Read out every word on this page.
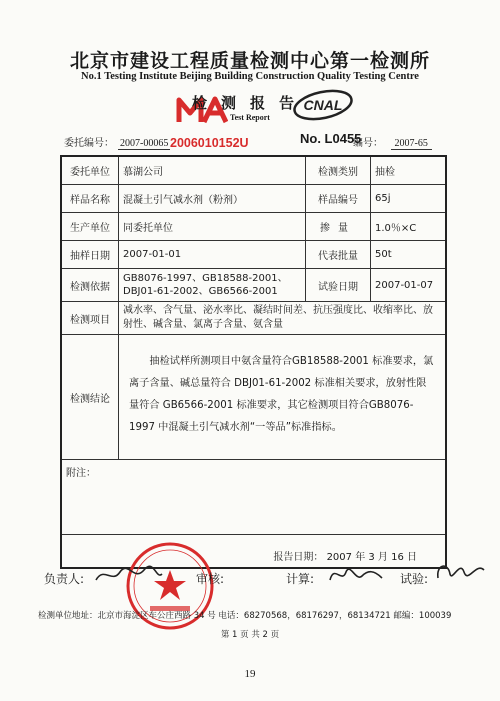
北京市建设工程质量检测中心第一检测所
No.1 Testing Institute Beijing Building Construction Quality Testing Centre
检测报告
Test Report
CNAL
委托编号： 2007-00065 2006010152U	No. L0455
编号： 2007-65
委托单位	慕湖公司	检测类别	抽检
样品名称	混凝土引气减水剂（粉剂）	样品编号	65j
生产单位	同委托单位	掺量	1.0％×C
抽样日期	2007-01-01	代表批量	50t
检测依据	GB8076-1997、GB18588-2001、
DBJ01-61-2002、GB6566-2001	试验日期	2007-01-07
检测项目	减水率、含气量、泌水率比、凝结时间差、抗压强度比、收缩率比、放
射性、碱含量、氯离子含量、氨含量		

检测结论	抽检试样所测项目中氨含量符合GB18588-2001 标准要求，氯离子含量、碱总量符合 DBJ01-61-2002 标准相关要求，放射性限量符合 GB6566-2001 标准要求，其它检测项目符合GB8076-1997 中混凝土引气减水剂“一等品”标准指标。		

附注：			
报告日期： 2007 年 3 月 16 日			
负责人:	审核:	计算:	试验:
检测单位地址：北京市海淀区车公庄西路 34 号 电话：68270568，68176297，68134721 邮编：100039
第 1 页 共 2 页
19
